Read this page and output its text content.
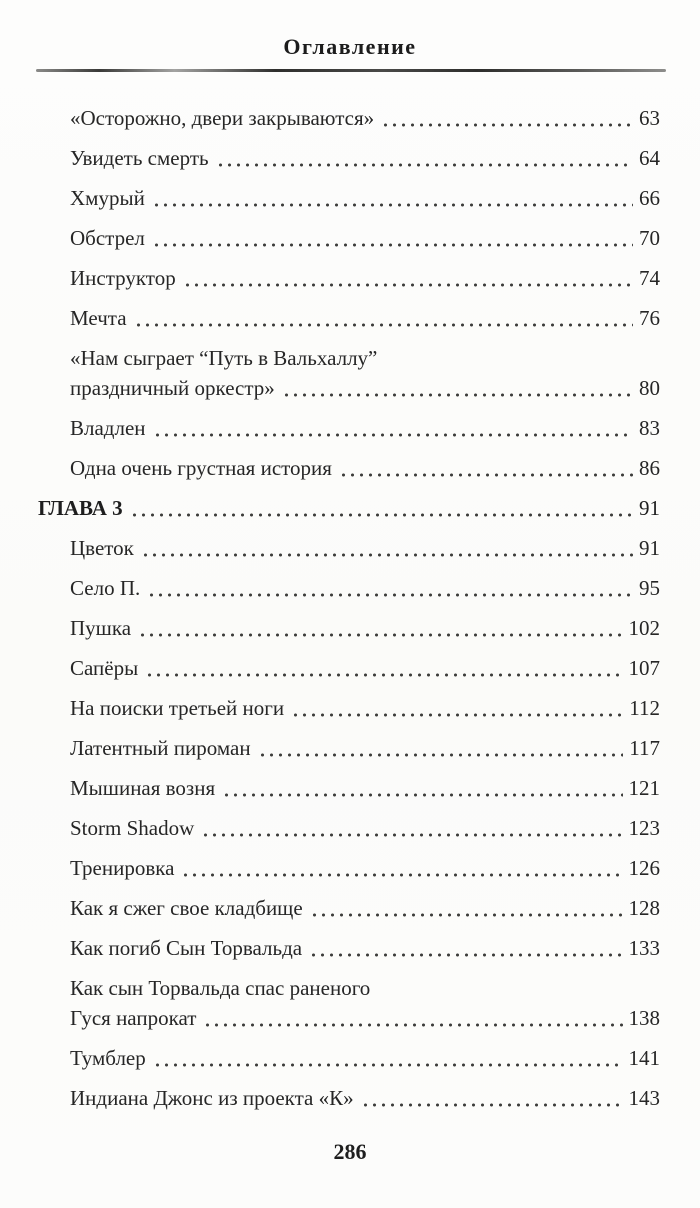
Оглавление
«Осторожно, двери закрываются»	63
Увидеть смерть	64
Хмурый	66
Обстрел	70
Инструктор	74
Мечта	76
«Нам сыграет “Путь в Вальхаллу”
праздничный оркестр»	80
Владлен	83
Одна очень грустная история	86
ГЛАВА 3	91
Цветок	91
Село П.	95
Пушка	102
Сапёры	107
На поиски третьей ноги	112
Латентный пироман	117
Мышиная возня	121
Storm Shadow	123
Тренировка	126
Как я сжег свое кладбище	128
Как погиб Сын Торвальда	133
Как сын Торвальда спас раненого
Гуся напрокат	138
Тумблер	141
Индиана Джонс из проекта «К»	143
286
